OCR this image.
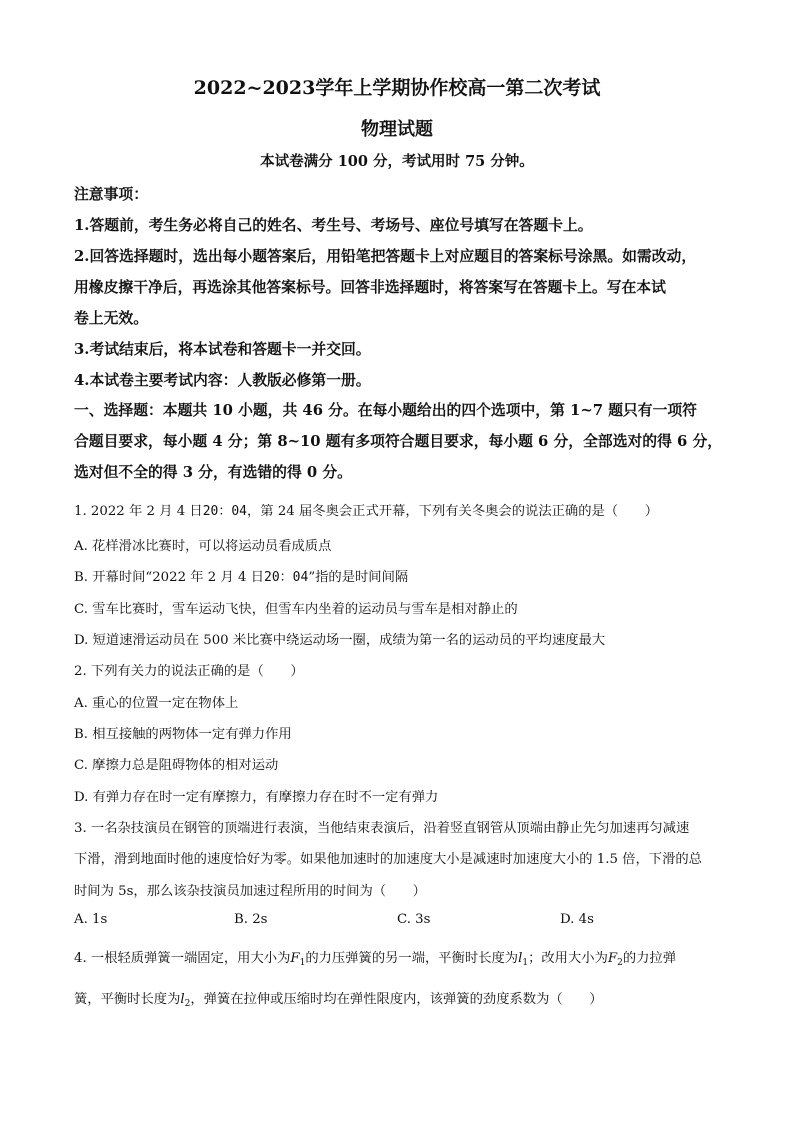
2022~2023学年上学期协作校高一第二次考试
物理试题
本试卷满分 100 分，考试用时 75 分钟。
注意事项：
1.答题前，考生务必将自己的姓名、考生号、考场号、座位号填写在答题卡上。
2.回答选择题时，选出每小题答案后，用铅笔把答题卡上对应题目的答案标号涂黑。如需改动，
用橡皮擦干净后，再选涂其他答案标号。回答非选择题时，将答案写在答题卡上。写在本试
卷上无效。
3.考试结束后，将本试卷和答题卡一并交回。
4.本试卷主要考试内容：人教版必修第一册。
一、选择题：本题共 10 小题，共 46 分。在每小题给出的四个选项中，第 1~7 题只有一项符
合题目要求，每小题 4 分；第 8~10 题有多项符合题目要求，每小题 6 分，全部选对的得 6 分，
选对但不全的得 3 分，有选错的得 0 分。
1. 2022 年 2 月 4 日20：04，第 24 届冬奥会正式开幕，下列有关冬奥会的说法正确的是（　　）
A. 花样滑冰比赛时，可以将运动员看成质点
B. 开幕时间“2022 年 2 月 4 日20：04”指的是时间间隔
C. 雪车比赛时，雪车运动飞快，但雪车内坐着的运动员与雪车是相对静止的
D. 短道速滑运动员在 500 米比赛中绕运动场一圈，成绩为第一名的运动员的平均速度最大
2. 下列有关力的说法正确的是（　　）
A. 重心的位置一定在物体上
B. 相互接触的两物体一定有弹力作用
C. 摩擦力总是阻碍物体的相对运动
D. 有弹力存在时一定有摩擦力，有摩擦力存在时不一定有弹力
3. 一名杂技演员在钢管的顶端进行表演，当他结束表演后，沿着竖直钢管从顶端由静止先匀加速再匀减速
下滑，滑到地面时他的速度恰好为零。如果他加速时的加速度大小是减速时加速度大小的 1.5 倍，下滑的总
时间为 5s，那么该杂技演员加速过程所用的时间为（　　）
A. 1s	B. 2s	C. 3s	D. 4s
4. 一根轻质弹簧一端固定，用大小为$F_1$的力压弹簧的另一端，平衡时长度为$l_1$；改用大小为$F_2$的力拉弹
簧，平衡时长度为$l_2$，弹簧在拉伸或压缩时均在弹性限度内，该弹簧的劲度系数为（　　）
